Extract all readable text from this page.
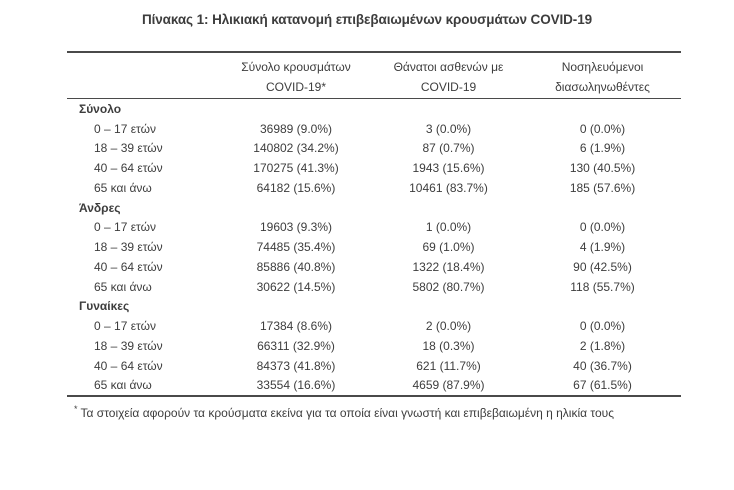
Πίνακας 1: Ηλικιακή κατανομή επιβεβαιωμένων κρουσμάτων COVID-19
Σύνολο κρουσμάτων
COVID-19*
Θάνατοι ασθενών με
COVID-19
Νοσηλευόμενοι
διασωληνωθέντες
Σύνολο
0 – 17 ετών	36989 (9.0%)	3 (0.0%)	0 (0.0%)
18 – 39 ετών	140802 (34.2%)	87 (0.7%)	6 (1.9%)
40 – 64 ετών	170275 (41.3%)	1943 (15.6%)	130 (40.5%)
65 και άνω	64182 (15.6%)	10461 (83.7%)	185 (57.6%)
Άνδρες
0 – 17 ετών	19603 (9.3%)	1 (0.0%)	0 (0.0%)
18 – 39 ετών	74485 (35.4%)	69 (1.0%)	4 (1.9%)
40 – 64 ετών	85886 (40.8%)	1322 (18.4%)	90 (42.5%)
65 και άνω	30622 (14.5%)	5802 (80.7%)	118 (55.7%)
Γυναίκες
0 – 17 ετών	17384 (8.6%)	2 (0.0%)	0 (0.0%)
18 – 39 ετών	66311 (32.9%)	18 (0.3%)	2 (1.8%)
40 – 64 ετών	84373 (41.8%)	621 (11.7%)	40 (36.7%)
65 και άνω	33554 (16.6%)	4659 (87.9%)	67 (61.5%)
* Τα στοιχεία αφορούν τα κρούσματα εκείνα για τα οποία είναι γνωστή και επιβεβαιωμένη η ηλικία τους
